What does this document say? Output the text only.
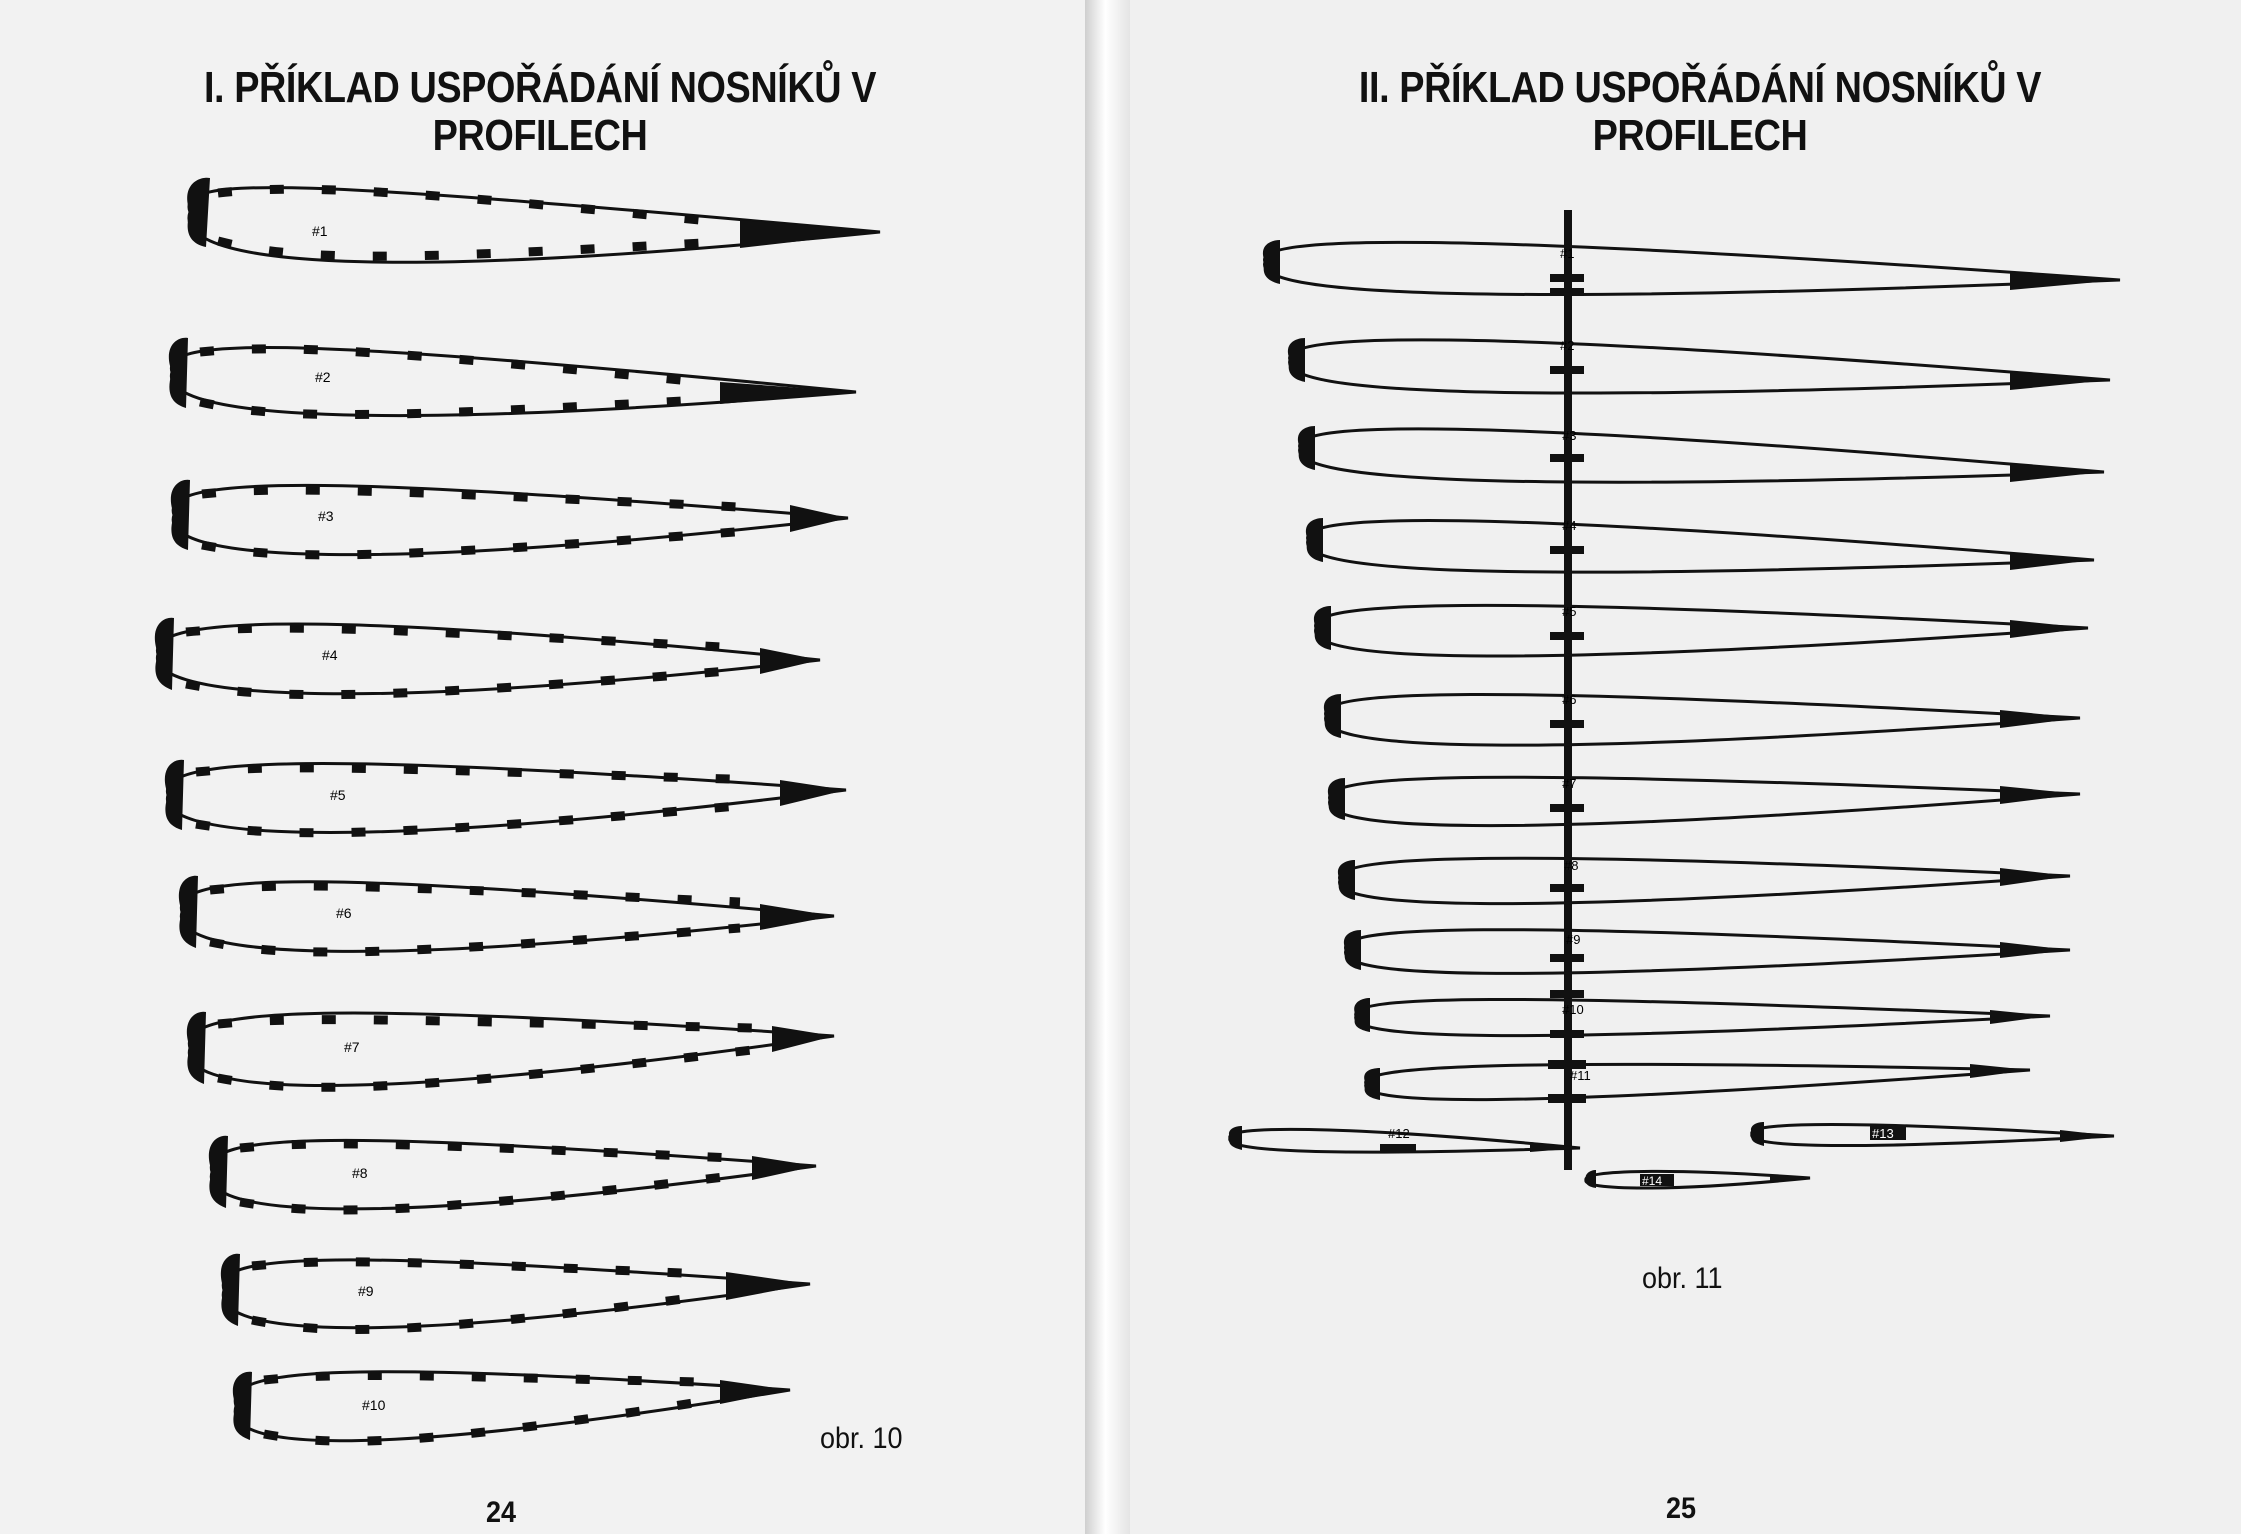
I. PŘÍKLAD USPOŘÁDÁNÍ NOSNÍKŮ V
PROFILECH
#1
#2
#3
#4
#5
#6
#7
#8
#9
#10
obr. 10
24
II. PŘÍKLAD USPOŘÁDÁNÍ NOSNÍKŮ V
PROFILECH
#1
#2
#3
#4
#5
#6
#7
#8
#9
#10
#11
#12	#13
#14
obr. 11
25
